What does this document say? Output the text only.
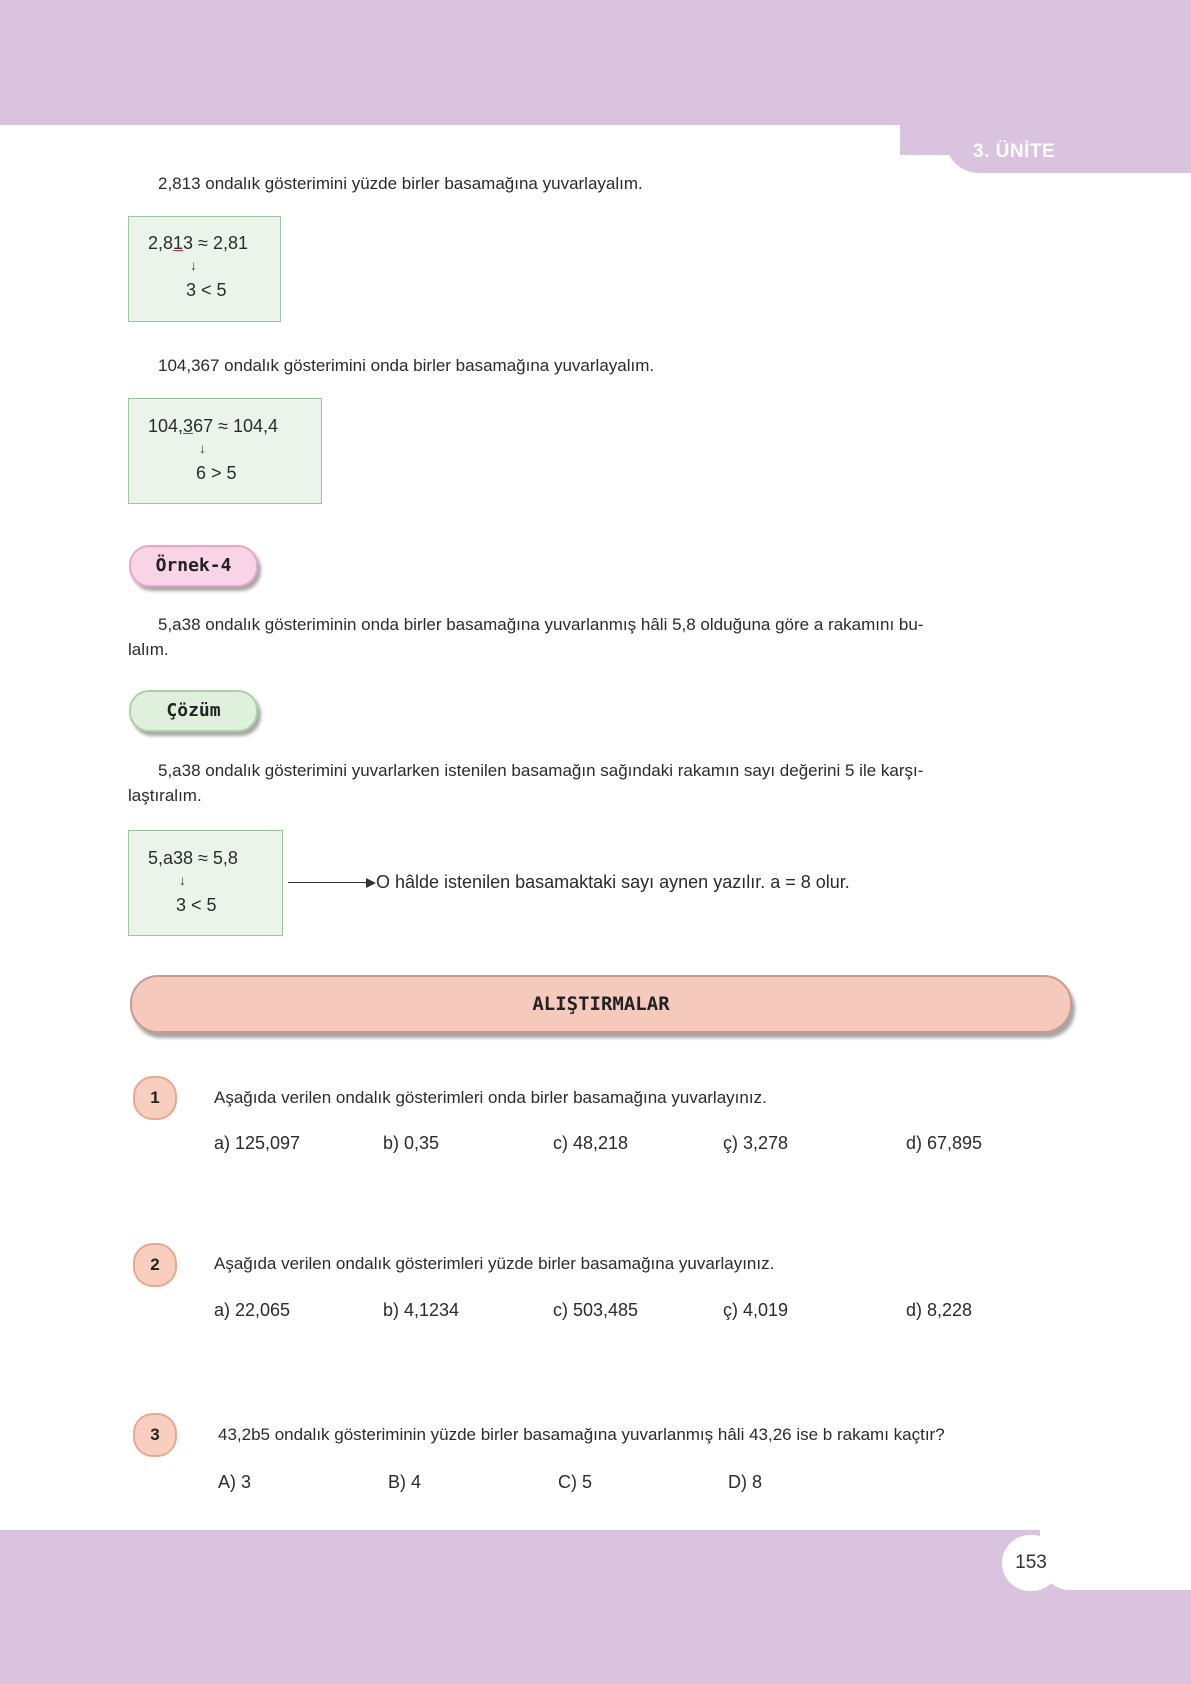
3. ÜNİTE

2,813 ondalık gösterimini yüzde birler basamağına yuvarlayalım.

2,813 ≈ 2,81
↓
3 < 5

104,367 ondalık gösterimini onda birler basamağına yuvarlayalım.

104,367 ≈ 104,4
↓
6 > 5
Örnek-4

5,a38 ondalık gösteriminin onda birler basamağına yuvarlanmış hâli 5,8 olduğuna göre a rakamını bu-

lalım.

Çözüm

5,a38 ondalık gösterimini yuvarlarken istenilen basamağın sağındaki rakamın sayı değerini 5 ile karşı-

laştıralım.

5,a38 ≈ 5,8
↓
3 < 5

O hâlde istenilen basamaktaki sayı aynen yazılır. a = 8 olur.

ALIŞTIRMALAR
1	Aşağıda verilen ondalık gösterimleri onda birler basamağına yuvarlayınız.
a) 125,097	b) 0,35	c) 48,218	ç) 3,278	d) 67,895
2	Aşağıda verilen ondalık gösterimleri yüzde birler basamağına yuvarlayınız.
a) 22,065	b) 4,1234	c) 503,485	ç) 4,019	d) 8,228
3	43,2b5 ondalık gösteriminin yüzde birler basamağına yuvarlanmış hâli 43,26 ise b rakamı kaçtır?
A) 3	B) 4	C) 5	D) 8
153
